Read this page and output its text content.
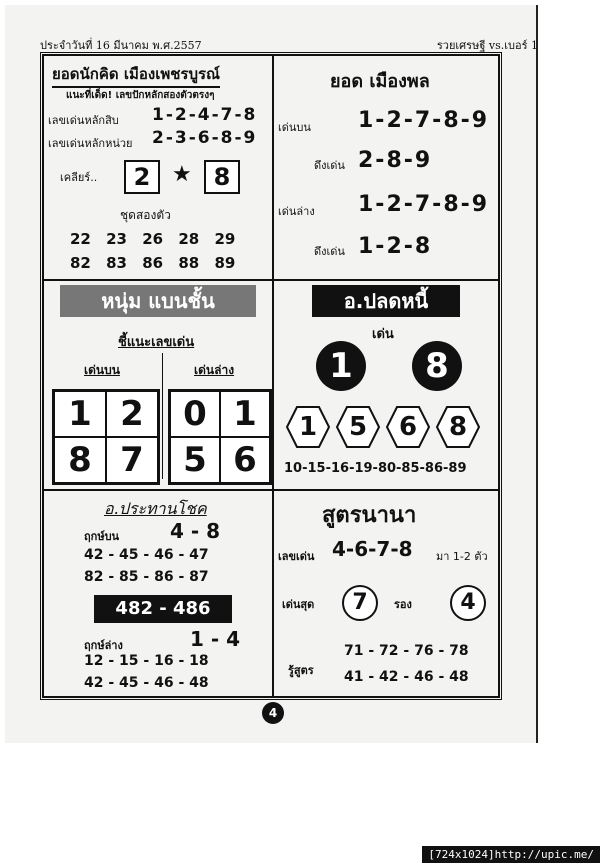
ประจำวันที่ 16 มีนาคม พ.ศ.2557	รวยเศรษฐี vs.เบอร์ 1
ยอดนักคิด เมืองเพชรบูรณ์
แนะที่เด็ด! เลขปักหลักสองตัวตรงๆ
เลขเด่นหลักสิบ 1-2-4-7-8
เลขเด่นหลักหน่วย 2-3-6-8-9
เคลียร์..	2 ★ 8
ชุดสองตัว
22 23 26 28 29
82 83 86 88 89
ยอด เมืองพล
เด่นบน 1-2-7-8-9
ดึงเด่น 2-8-9
เด่นล่าง 1-2-7-8-9
ดึงเด่น 1-2-8
หนุ่ม แบนชั้น
ชี้แนะเลขเด่น
เด่นบน	เด่นล่าง
1 2
8 7
0 1
5 6
อ.ปลดหนี้
เด่น
1	8
1	5	6	8
10-15-16-19-80-85-86-89
อ.ประทานโชค
ฤกษ์บน	4 - 8
42 - 45 - 46 - 47
82 - 85 - 86 - 87
482 - 486
ฤกษ์ล่าง	1 - 4
12 - 15 - 16 - 18
42 - 45 - 46 - 48
สูตรนานา
เลขเด่น 4-6-7-8 มา 1-2 ตัว
เด่นสุด	7	รอง	4
71 - 72 - 76 - 78
รู้สูตร 41 - 42 - 46 - 48
4
[724x1024]http://upic.me/
